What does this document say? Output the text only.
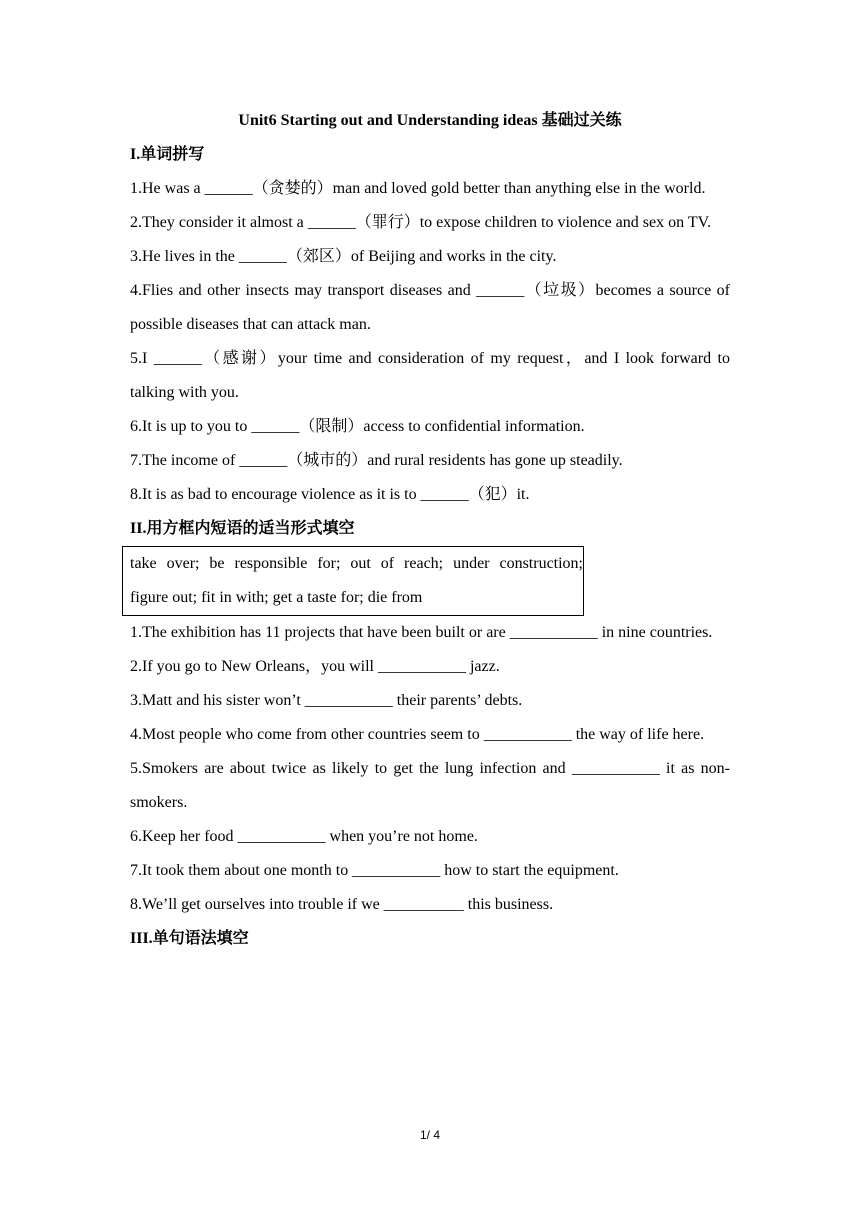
Unit6 Starting out and Understanding ideas 基础过关练

I.单词拼写

1.He was a ______（贪婪的）man and loved gold better than anything else in the world.

2.They consider it almost a ______（罪行）to expose children to violence and sex on TV.

3.He lives in the ______（郊区）of Beijing and works in the city.

4.Flies and other insects may transport diseases and ______（垃圾）becomes a source of possible diseases that can attack man.

5.I ______（感谢）your time and consideration of my request，and I look forward to talking with you.

6.It is up to you to ______（限制）access to confidential information.

7.The income of ______（城市的）and rural residents has gone up steadily.

8.It is as bad to encourage violence as it is to ______（犯）it.

II.用方框内短语的适当形式填空

take over; be responsible for; out of reach; under construction;
figure out; fit in with; get a taste for; die from

1.The exhibition has 11 projects that have been built or are ___________ in nine countries.

2.If you go to New Orleans，you will ___________ jazz.

3.Matt and his sister won’t ___________ their parents’ debts.

4.Most people who come from other countries seem to ___________ the way of life here.

5.Smokers are about twice as likely to get the lung infection and ___________ it as non-smokers.

6.Keep her food ___________ when you’re not home.

7.It took them about one month to ___________ how to start the equipment.

8.We’ll get ourselves into trouble if we __________ this business.

III.单句语法填空

1/ 4
